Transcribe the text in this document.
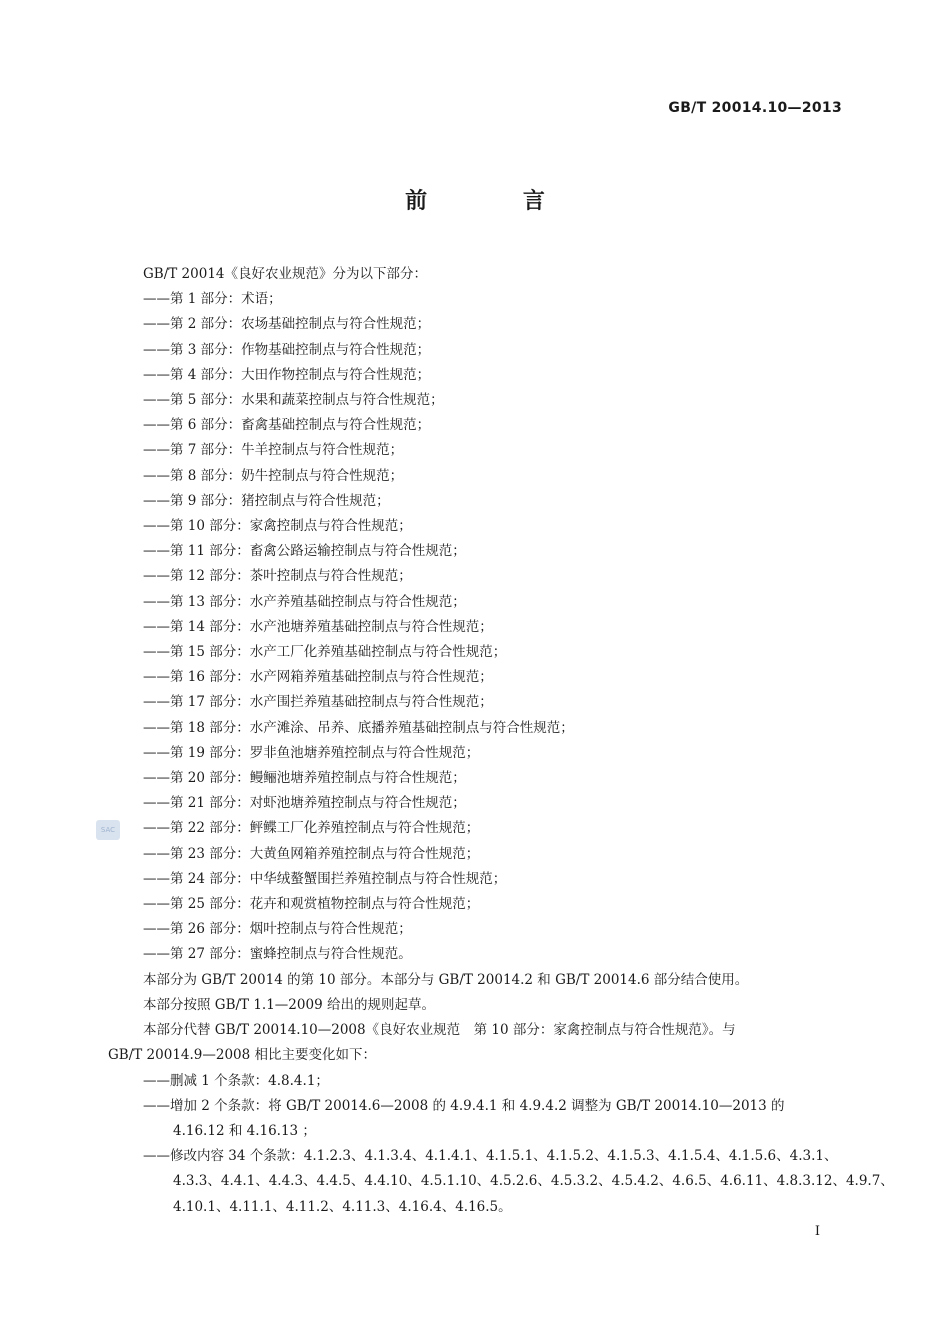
GB/T 20014.10—2013
前 言
SAC
GB/T 20014《良好农业规范》分为以下部分：
——第 1 部分：术语；
——第 2 部分：农场基础控制点与符合性规范；
——第 3 部分：作物基础控制点与符合性规范；
——第 4 部分：大田作物控制点与符合性规范；
——第 5 部分：水果和蔬菜控制点与符合性规范；
——第 6 部分：畜禽基础控制点与符合性规范；
——第 7 部分：牛羊控制点与符合性规范；
——第 8 部分：奶牛控制点与符合性规范；
——第 9 部分：猪控制点与符合性规范；
——第 10 部分：家禽控制点与符合性规范；
——第 11 部分：畜禽公路运输控制点与符合性规范；
——第 12 部分：茶叶控制点与符合性规范；
——第 13 部分：水产养殖基础控制点与符合性规范；
——第 14 部分：水产池塘养殖基础控制点与符合性规范；
——第 15 部分：水产工厂化养殖基础控制点与符合性规范；
——第 16 部分：水产网箱养殖基础控制点与符合性规范；
——第 17 部分：水产围拦养殖基础控制点与符合性规范；
——第 18 部分：水产滩涂、吊养、底播养殖基础控制点与符合性规范；
——第 19 部分：罗非鱼池塘养殖控制点与符合性规范；
——第 20 部分：鳗鲡池塘养殖控制点与符合性规范；
——第 21 部分：对虾池塘养殖控制点与符合性规范；
——第 22 部分：鲆鲽工厂化养殖控制点与符合性规范；
——第 23 部分：大黄鱼网箱养殖控制点与符合性规范；
——第 24 部分：中华绒螯蟹围拦养殖控制点与符合性规范；
——第 25 部分：花卉和观赏植物控制点与符合性规范；
——第 26 部分：烟叶控制点与符合性规范；
——第 27 部分：蜜蜂控制点与符合性规范。
本部分为 GB/T 20014 的第 10 部分。本部分与 GB/T 20014.2 和 GB/T 20014.6 部分结合使用。
本部分按照 GB/T 1.1—2009 给出的规则起草。
本部分代替 GB/T 20014.10—2008《良好农业规范　第 10 部分：家禽控制点与符合性规范》。与
GB/T 20014.9—2008 相比主要变化如下：
——删减 1 个条款：4.8.4.1；
——增加 2 个条款：将 GB/T 20014.6—2008 的 4.9.4.1 和 4.9.4.2 调整为 GB/T 20014.10—2013 的
4.16.12 和 4.16.13 ；
——修改内容 34 个条款：4.1.2.3、4.1.3.4、4.1.4.1、4.1.5.1、4.1.5.2、4.1.5.3、4.1.5.4、4.1.5.6、4.3.1、
4.3.3、4.4.1、4.4.3、4.4.5、4.4.10、4.5.1.10、4.5.2.6、4.5.3.2、4.5.4.2、4.6.5、4.6.11、4.8.3.12、4.9.7、
4.10.1、4.11.1、4.11.2、4.11.3、4.16.4、4.16.5。
I
